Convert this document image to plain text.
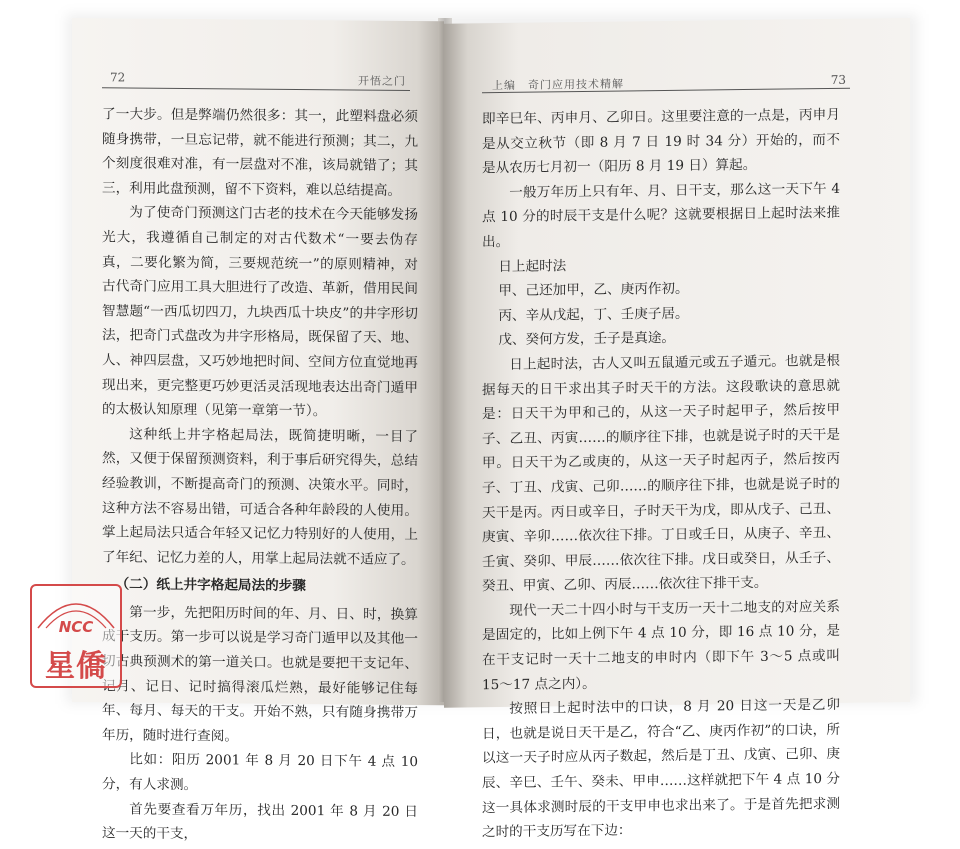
72	开悟之门

了一大步。但是弊端仍然很多：其一，此塑料盘必须随身携带，一旦忘记带，就不能进行预测；其二，九个刻度很难对准，有一层盘对不准，该局就错了；其三，利用此盘预测，留不下资料，难以总结提高。

为了使奇门预测这门古老的技术在今天能够发扬光大，我遵循自己制定的对古代数术“一要去伪存真，二要化繁为简，三要规范统一”的原则精神，对古代奇门应用工具大胆进行了改造、革新，借用民间智慧题“一西瓜切四刀，九块西瓜十块皮”的井字形切法，把奇门式盘改为井字形格局，既保留了天、地、人、神四层盘，又巧妙地把时间、空间方位直觉地再现出来，更完整更巧妙更活灵活现地表达出奇门遁甲的太极认知原理（见第一章第一节）。

这种纸上井字格起局法，既简捷明晰，一目了然，又便于保留预测资料，利于事后研究得失，总结经验教训，不断提高奇门的预测、决策水平。同时，这种方法不容易出错，可适合各种年龄段的人使用。掌上起局法只适合年轻又记忆力特别好的人使用，上了年纪、记忆力差的人，用掌上起局法就不适应了。

（二）纸上井字格起局法的步骤

第一步，先把阳历时间的年、月、日、时，换算成干支历。第一步可以说是学习奇门遁甲以及其他一切古典预测术的第一道关口。也就是要把干支记年、记月、记日、记时搞得滚瓜烂熟，最好能够记住每年、每月、每天的干支。开始不熟，只有随身携带万年历，随时进行查阅。

比如：阳历 2001 年 8 月 20 日下午 4 点 10 分，有人求测。

首先要查看万年历，找出 2001 年 8 月 20 日这一天的干支，

上编　奇门应用技术精解	73

即辛巳年、丙申月、乙卯日。这里要注意的一点是，丙申月是从交立秋节（即 8 月 7 日 19 时 34 分）开始的，而不是从农历七月初一（阳历 8 月 19 日）算起。

一般万年历上只有年、月、日干支，那么这一天下午 4 点 10 分的时辰干支是什么呢？这就要根据日上起时法来推出。

日上起时法

甲、己还加甲，乙、庚丙作初。

丙、辛从戊起，丁、壬庚子居。

戊、癸何方发，壬子是真途。

日上起时法，古人又叫五鼠遁元或五子遁元。也就是根据每天的日干求出其子时天干的方法。这段歌诀的意思就是：日天干为甲和己的，从这一天子时起甲子，然后按甲子、乙丑、丙寅……的顺序往下排，也就是说子时的天干是甲。日天干为乙或庚的，从这一天子时起丙子，然后按丙子、丁丑、戊寅、己卯……的顺序往下排，也就是说子时的天干是丙。丙日或辛日，子时天干为戊，即从戊子、己丑、庚寅、辛卯……依次往下排。丁日或壬日，从庚子、辛丑、壬寅、癸卯、甲辰……依次往下排。戊日或癸日，从壬子、癸丑、甲寅、乙卯、丙辰……依次往下排干支。

现代一天二十四小时与干支历一天十二地支的对应关系是固定的，比如上例下午 4 点 10 分，即 16 点 10 分，是在干支记时一天十二地支的申时内（即下午 3～5 点或叫 15～17 点之内）。

按照日上起时法中的口诀，8 月 20 日这一天是乙卯日，也就是说日天干是乙，符合“乙、庚丙作初”的口诀，所以这一天子时应从丙子数起，然后是丁丑、戊寅、己卯、庚辰、辛巳、壬午、癸未、甲申……这样就把下午 4 点 10 分这一具体求测时辰的干支甲申也求出来了。于是首先把求测之时的干支历写在下边：

NCC
星僑
